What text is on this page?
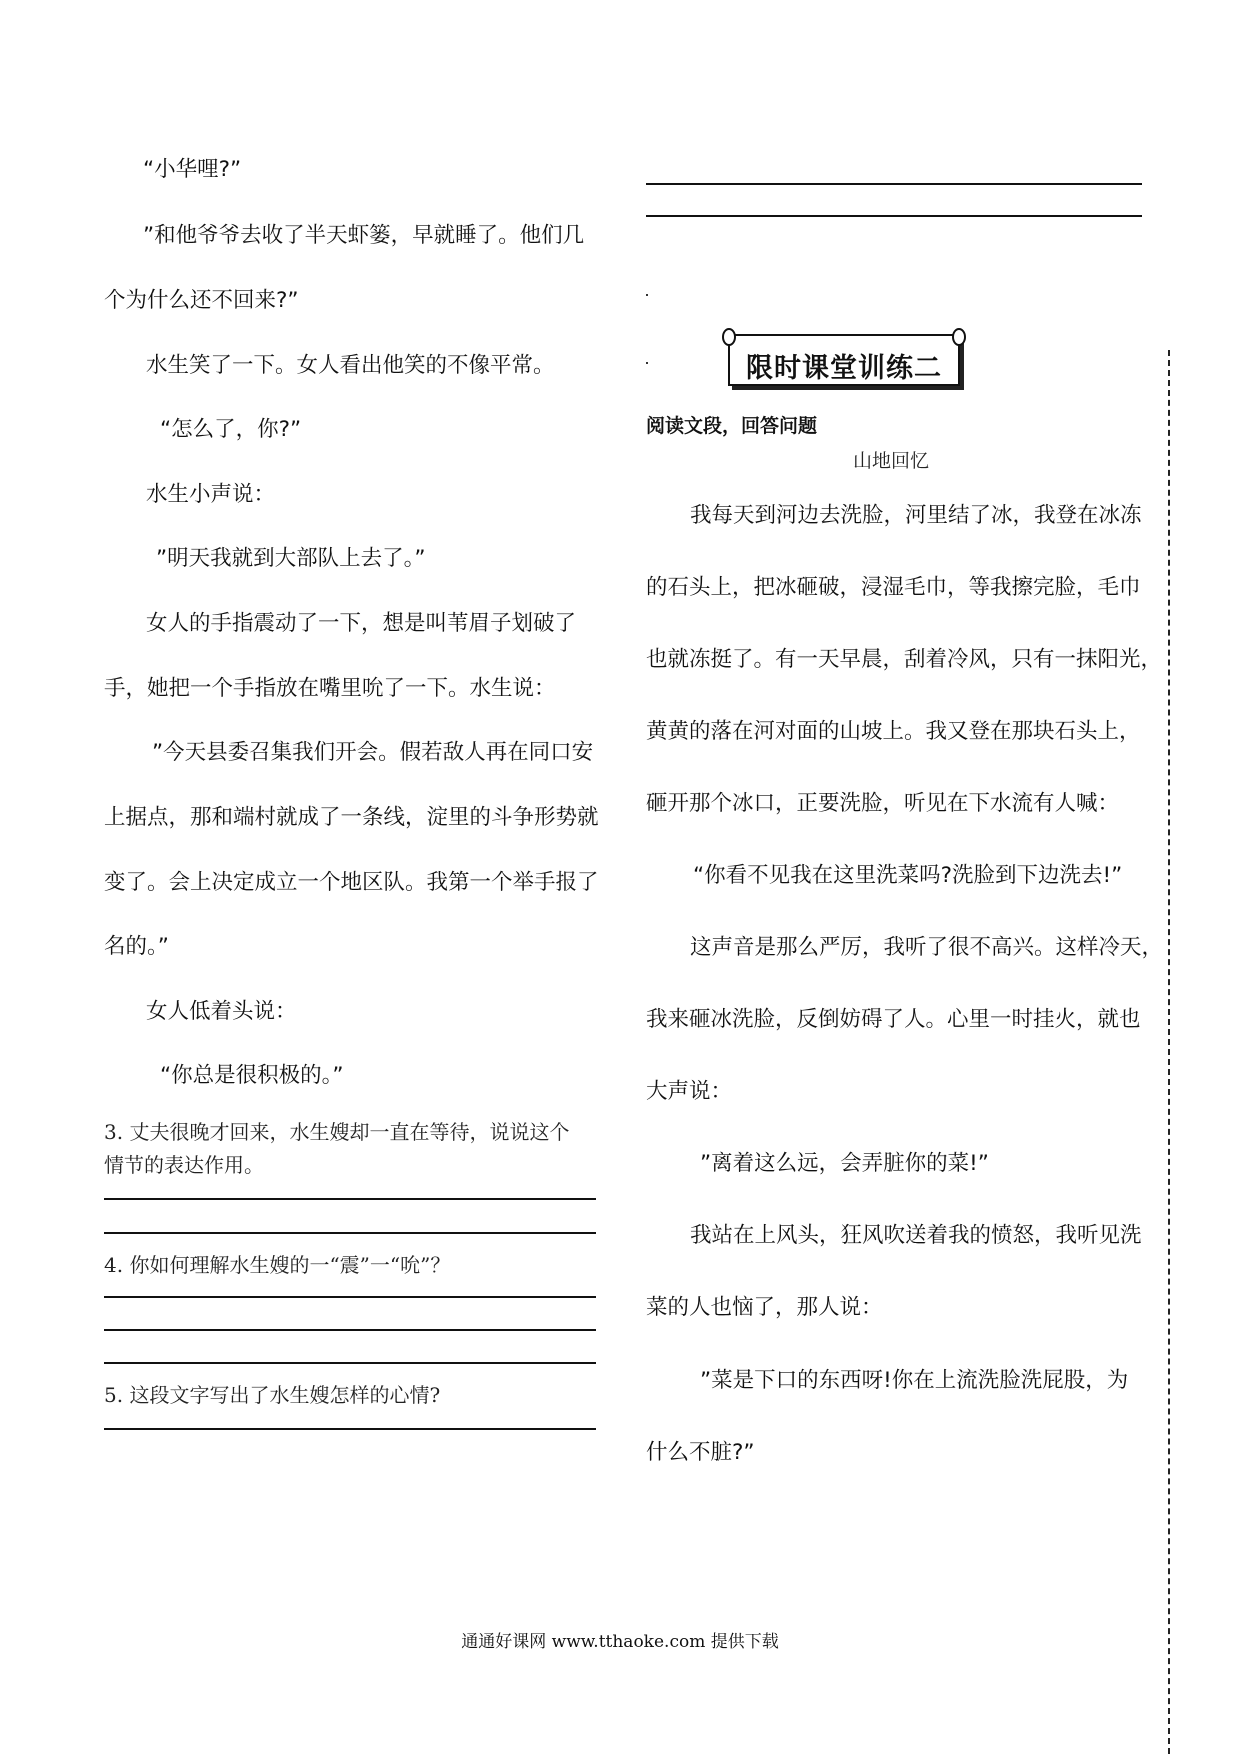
“小华哩?”
”和他爷爷去收了半天虾篓，早就睡了。他们几
个为什么还不回来?”
水生笑了一下。女人看出他笑的不像平常。
“怎么了，你?”
水生小声说：
”明天我就到大部队上去了。”
女人的手指震动了一下，想是叫苇眉子划破了
手，她把一个手指放在嘴里吮了一下。水生说：
”今天县委召集我们开会。假若敌人再在同口安
上据点，那和端村就成了一条线，淀里的斗争形势就
变了。会上决定成立一个地区队。我第一个举手报了
名的。”
女人低着头说：
“你总是很积极的。”
3. 丈夫很晚才回来，水生嫂却一直在等待，说说这个
情节的表达作用。
4. 你如何理解水生嫂的一“震”一“吮”？
5. 这段文字写出了水生嫂怎样的心情?
限时课堂训练二
阅读文段，回答问题
山地回忆
我每天到河边去洗脸，河里结了冰，我登在冰冻
的石头上，把冰砸破，浸湿毛巾，等我擦完脸，毛巾
也就冻挺了。有一天早晨，刮着冷风，只有一抹阳光，
黄黄的落在河对面的山坡上。我又登在那块石头上，
砸开那个冰口，正要洗脸，听见在下水流有人喊：
“你看不见我在这里洗菜吗?洗脸到下边洗去!”
这声音是那么严厉，我听了很不高兴。这样冷天，
我来砸冰洗脸，反倒妨碍了人。心里一时挂火，就也
大声说：
”离着这么远，会弄脏你的菜!”
我站在上风头，狂风吹送着我的愤怒，我听见洗
菜的人也恼了，那人说：
”菜是下口的东西呀!你在上流洗脸洗屁股，为
什么不脏?”
通通好课网 www.tthaoke.com 提供下载
